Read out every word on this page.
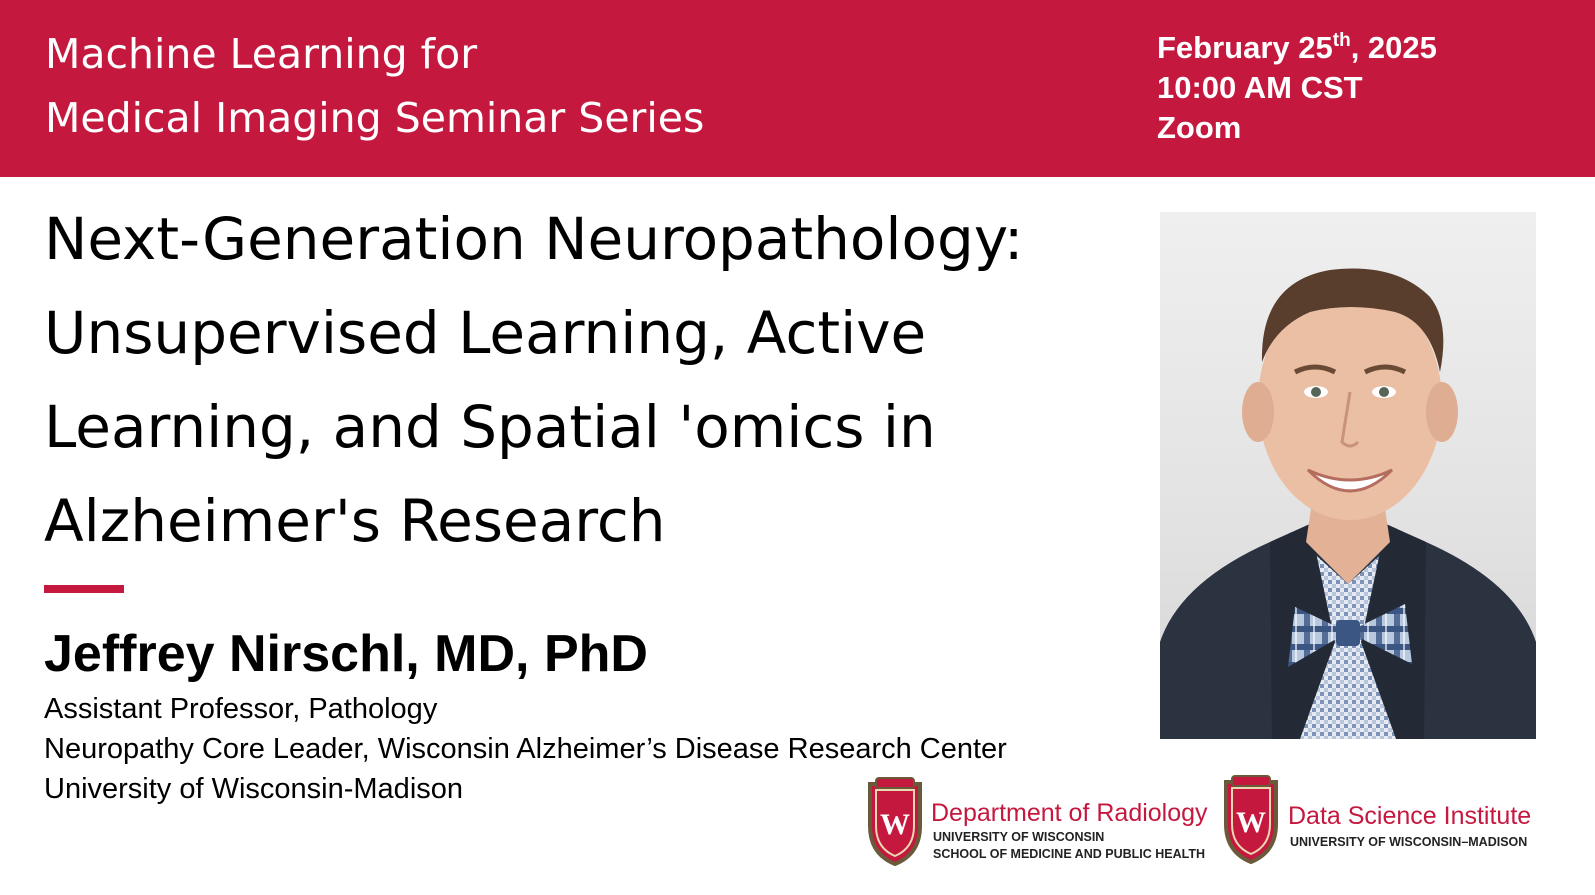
Machine Learning for
Medical Imaging Seminar Series
February 25th, 2025
10:00 AM CST
Zoom
Next-Generation Neuropathology:
Unsupervised Learning, Active
Learning, and Spatial 'omics in
Alzheimer's Research
Jeffrey Nirschl, MD, PhD
Assistant Professor, Pathology
Neuropathy Core Leader, Wisconsin Alzheimer’s Disease Research Center
University of Wisconsin-Madison
W Department of Radiology
UNIVERSITY OF WISCONSIN
SCHOOL OF MEDICINE AND PUBLIC HEALTH
W Data Science Institute
UNIVERSITY OF WISCONSIN–MADISON
